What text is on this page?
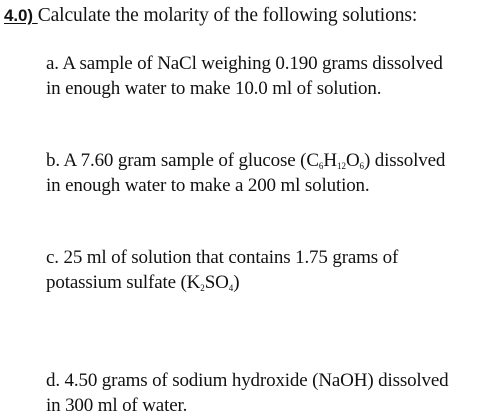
4.0) Calculate the molarity of the following solutions:
a. A sample of NaCl weighing 0.190 grams dissolved
in enough water to make 10.0 ml of solution.
b. A 7.60 gram sample of glucose $(C_6H_{12}O_6)$ dissolved
in enough water to make a 200 ml solution.
c. 25 ml of solution that contains 1.75 grams of
potassium sulfate $(K_2SO_4)$
d. 4.50 grams of sodium hydroxide (NaOH) dissolved
in 300 ml of water.
